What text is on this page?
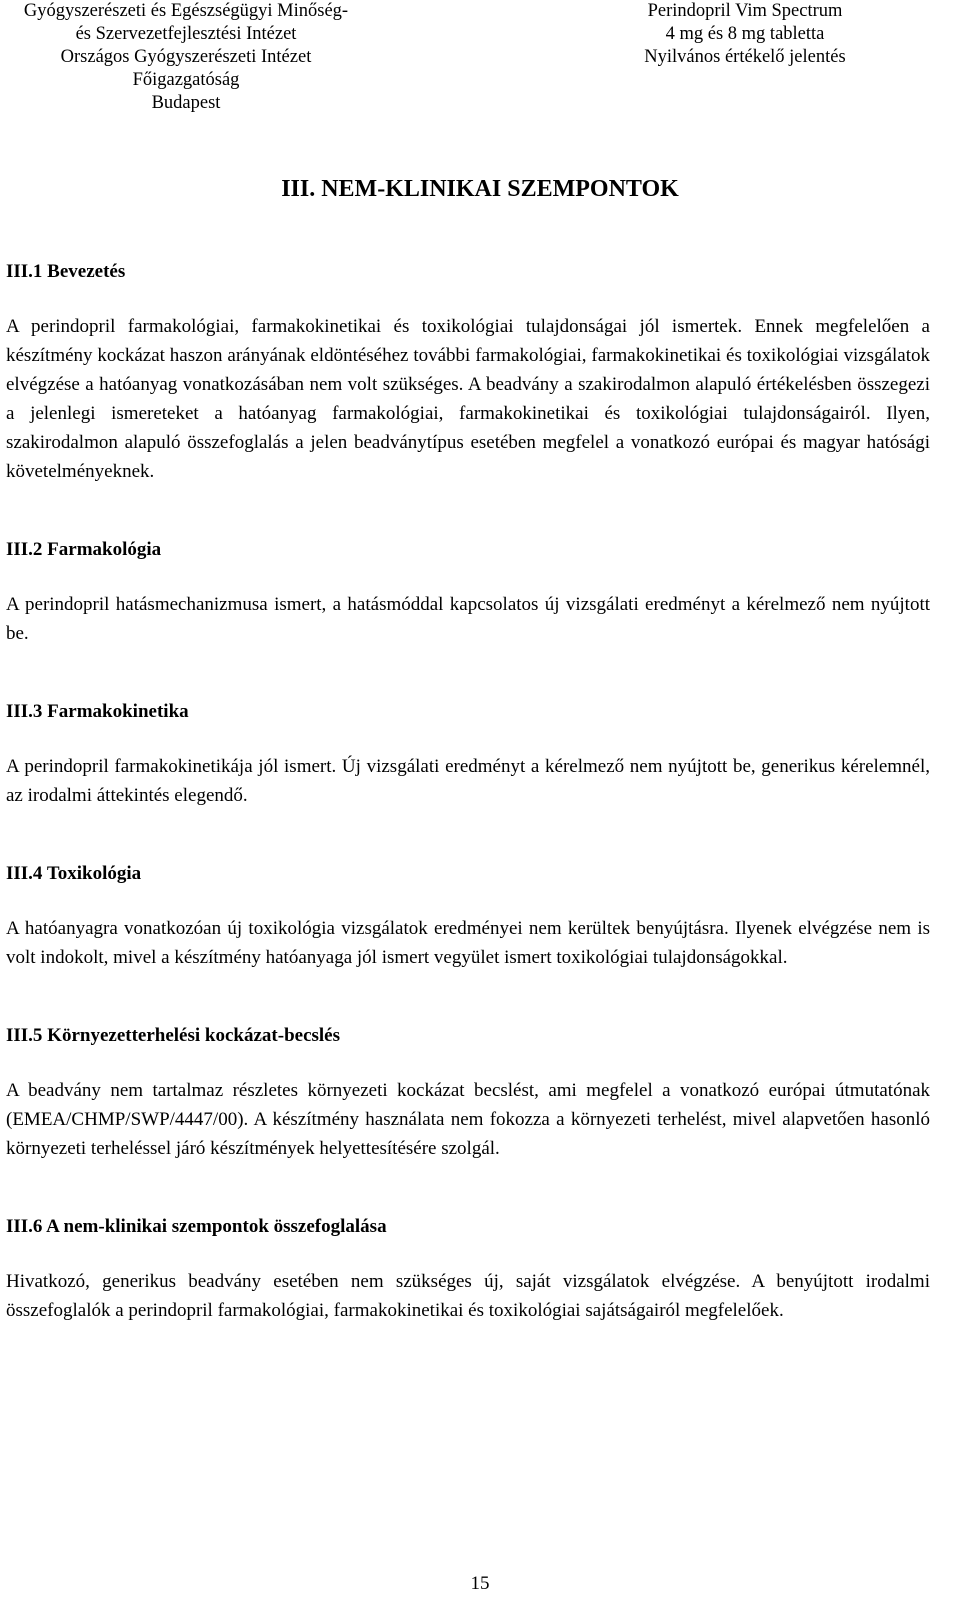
Gyógyszerészeti és Egészségügyi Minőség-
és Szervezetfejlesztési Intézet
Országos Gyógyszerészeti Intézet
Főigazgatóság
Budapest
Perindopril Vim Spectrum
4 mg és 8 mg tabletta
Nyilvános értékelő jelentés
III. NEM-KLINIKAI SZEMPONTOK
III.1 Bevezetés

A perindopril farmakológiai, farmakokinetikai és toxikológiai tulajdonságai jól ismertek. Ennek megfelelően a készítmény kockázat haszon arányának eldöntéséhez további farmakológiai, farmakokinetikai és toxikológiai vizsgálatok elvégzése a hatóanyag vonatkozásában nem volt szükséges. A beadvány a szakirodalmon alapuló értékelésben összegezi a jelenlegi ismereteket a hatóanyag farmakológiai, farmakokinetikai és toxikológiai tulajdonságairól. Ilyen, szakirodalmon alapuló összefoglalás a jelen beadványtípus esetében megfelel a vonatkozó európai és magyar hatósági követelményeknek.

III.2 Farmakológia

A perindopril hatásmechanizmusa ismert, a hatásmóddal kapcsolatos új vizsgálati eredményt a kérelmező nem nyújtott be.

III.3 Farmakokinetika

A perindopril farmakokinetikája jól ismert. Új vizsgálati eredményt a kérelmező nem nyújtott be, generikus kérelemnél, az irodalmi áttekintés elegendő.

III.4 Toxikológia

A hatóanyagra vonatkozóan új toxikológia vizsgálatok eredményei nem kerültek benyújtásra. Ilyenek elvégzése nem is volt indokolt, mivel a készítmény hatóanyaga jól ismert vegyület ismert toxikológiai tulajdonságokkal.

III.5 Környezetterhelési kockázat-becslés

A beadvány nem tartalmaz részletes környezeti kockázat becslést, ami megfelel a vonatkozó európai útmutatónak (EMEA/CHMP/SWP/4447/00). A készítmény használata nem fokozza a környezeti terhelést, mivel alapvetően hasonló környezeti terheléssel járó készítmények helyettesítésére szolgál.

III.6 A nem-klinikai szempontok összefoglalása

Hivatkozó, generikus beadvány esetében nem szükséges új, saját vizsgálatok elvégzése. A benyújtott irodalmi összefoglalók a perindopril farmakológiai, farmakokinetikai és toxikológiai sajátságairól megfelelőek.

15
